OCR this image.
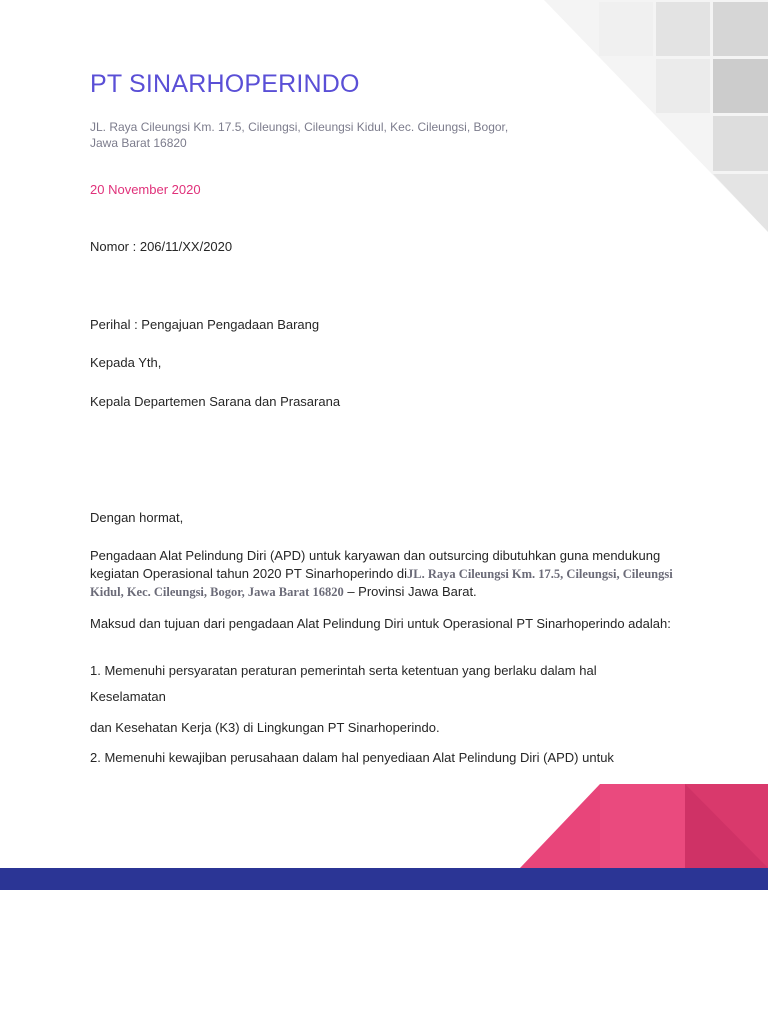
PT SINARHOPERINDO
JL. Raya Cileungsi Km. 17.5, Cileungsi, Cileungsi Kidul, Kec. Cileungsi, Bogor,
Jawa Barat 16820
20 November 2020
Nomor : 206/11/XX/2020
Perihal : Pengajuan Pengadaan Barang
Kepada Yth,
Kepala Departemen Sarana dan Prasarana
Dengan hormat,
Pengadaan Alat Pelindung Diri (APD) untuk karyawan dan outsurcing dibutuhkan guna mendukung kegiatan Operasional tahun 2020 PT Sinarhoperindo diJL. Raya Cileungsi Km. 17.5, Cileungsi, Cileungsi Kidul, Kec. Cileungsi, Bogor, Jawa Barat 16820 – Provinsi Jawa Barat.
Maksud dan tujuan dari pengadaan Alat Pelindung Diri untuk Operasional PT Sinarhoperindo adalah:
1. Memenuhi persyaratan peraturan pemerintah serta ketentuan yang berlaku dalam hal
Keselamatan
dan Kesehatan Kerja (K3) di Lingkungan PT Sinarhoperindo.
2. Memenuhi kewajiban perusahaan dalam hal penyediaan Alat Pelindung Diri (APD) untuk
